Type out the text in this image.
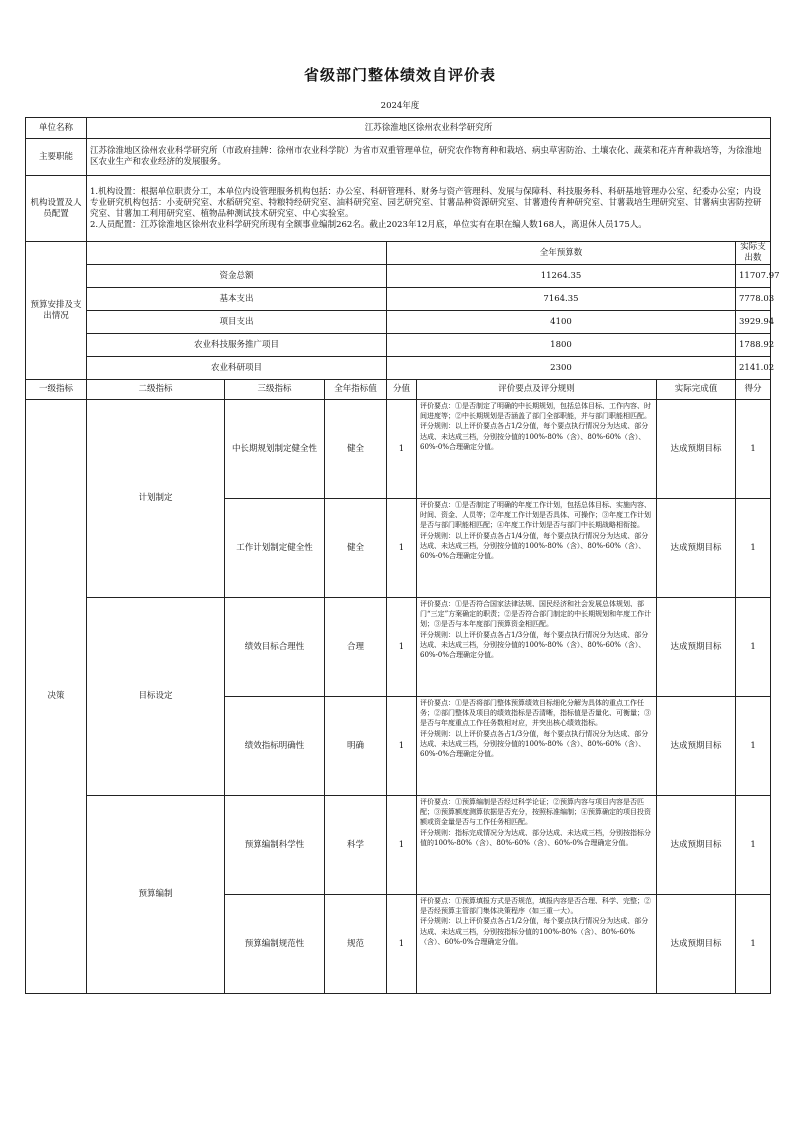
省级部门整体绩效自评价表
2024年度
单位名称	江苏徐淮地区徐州农业科学研究所						
主要职能	江苏徐淮地区徐州农业科学研究所（市政府挂牌：徐州市农业科学院）为省市双重管理单位，研究农作物育种和栽培、病虫草害防治、土壤农化、蔬菜和花卉育种栽培等，为徐淮地区农业生产和农业经济的发展服务。						
机构设置及人员配置	1.机构设置：根据单位职责分工，本单位内设管理服务机构包括：办公室、科研管理科、财务与资产管理科、发展与保障科、科技服务科、科研基地管理办公室、纪委办公室；内设专业研究机构包括：小麦研究室、水稻研究室、特粮特经研究室、油料研究室、园艺研究室、甘薯品种资源研究室、甘薯遗传育种研究室、甘薯栽培生理研究室、甘薯病虫害防控研究室、甘薯加工利用研究室、植物品种测试技术研究室、中心实验室。
2.人员配置：江苏徐淮地区徐州农业科学研究所现有全额事业编制262名。截止2023年12月底，单位实有在职在编人数168人，离退休人员175人。						

预算安排及支出情况				全年预算数			实际支出数
	资金总额			11264.35			11707.97
	基本支出			7164.35			7778.03
	项目支出			4100			3929.94
	农业科技服务推广项目			1800			1788.92
	农业科研项目			2300			2141.02
一级指标	二级指标	三级指标	全年指标值	分值	评价要点及评分规则	实际完成值	得分
决策	计划制定	中长期规划制定健全性	健全	1	评价要点：①是否制定了明确的中长期规划，包括总体目标、工作内容、时间进度等；②中长期规划是否涵盖了部门全部职能，并与部门职能相匹配。
评分规则：以上评价要点各占1/2分值，每个要点执行情况分为达成、部分达成、未达成三档，分别按分值的100%-80%（含）、80%-60%（含）、60%-0%合理确定分值。	达成预期目标	1
		工作计划制定健全性	健全	1	评价要点：①是否制定了明确的年度工作计划，包括总体目标、实施内容、时间、资金、人员等；②年度工作计划是否具体、可操作；③年度工作计划是否与部门职能相匹配；④年度工作计划是否与部门中长期战略相衔接。
评分规则：以上评价要点各占1/4分值，每个要点执行情况分为达成、部分达成、未达成三档，分别按分值的100%-80%（含）、80%-60%（含）、60%-0%合理确定分值。	达成预期目标	1
	目标设定	绩效目标合理性	合理	1	评价要点：①是否符合国家法律法规、国民经济和社会发展总体规划、部门“三定”方案确定的职责；②是否符合部门制定的中长期规划和年度工作计划；③是否与本年度部门预算资金相匹配。
评分规则：以上评价要点各占1/3分值，每个要点执行情况分为达成、部分达成、未达成三档，分别按分值的100%-80%（含）、80%-60%（含）、60%-0%合理确定分值。	达成预期目标	1
		绩效指标明确性	明确	1	评价要点：①是否将部门整体预算绩效目标细化分解为具体的重点工作任务；②部门整体及项目的绩效指标是否清晰，指标值是否量化、可衡量；③是否与年度重点工作任务数相对应，并突出核心绩效指标。
评分规则：以上评价要点各占1/3分值，每个要点执行情况分为达成、部分达成、未达成三档，分别按分值的100%-80%（含）、80%-60%（含）、60%-0%合理确定分值。	达成预期目标	1
	预算编制	预算编制科学性	科学	1	评价要点：①预算编制是否经过科学论证；②预算内容与项目内容是否匹配；③预算额度测算依据是否充分，按照标准编制；④预算确定的项目投资额或资金量是否与工作任务相匹配。
评分规则：指标完成情况分为达成、部分达成、未达成三档，分别按指标分值的100%-80%（含）、80%-60%（含）、60%-0%合理确定分值。	达成预期目标	1
		预算编制规范性	规范	1	评价要点：①预算填报方式是否规范，填报内容是否合理、科学、完整；②是否经预算主管部门集体决策程序（如三重一大）。
评分规则：以上评价要点各占1/2分值，每个要点执行情况分为达成、部分达成、未达成三档，分别按指标分值的100%-80%（含）、80%-60%（含）、60%-0%合理确定分值。	达成预期目标	1
